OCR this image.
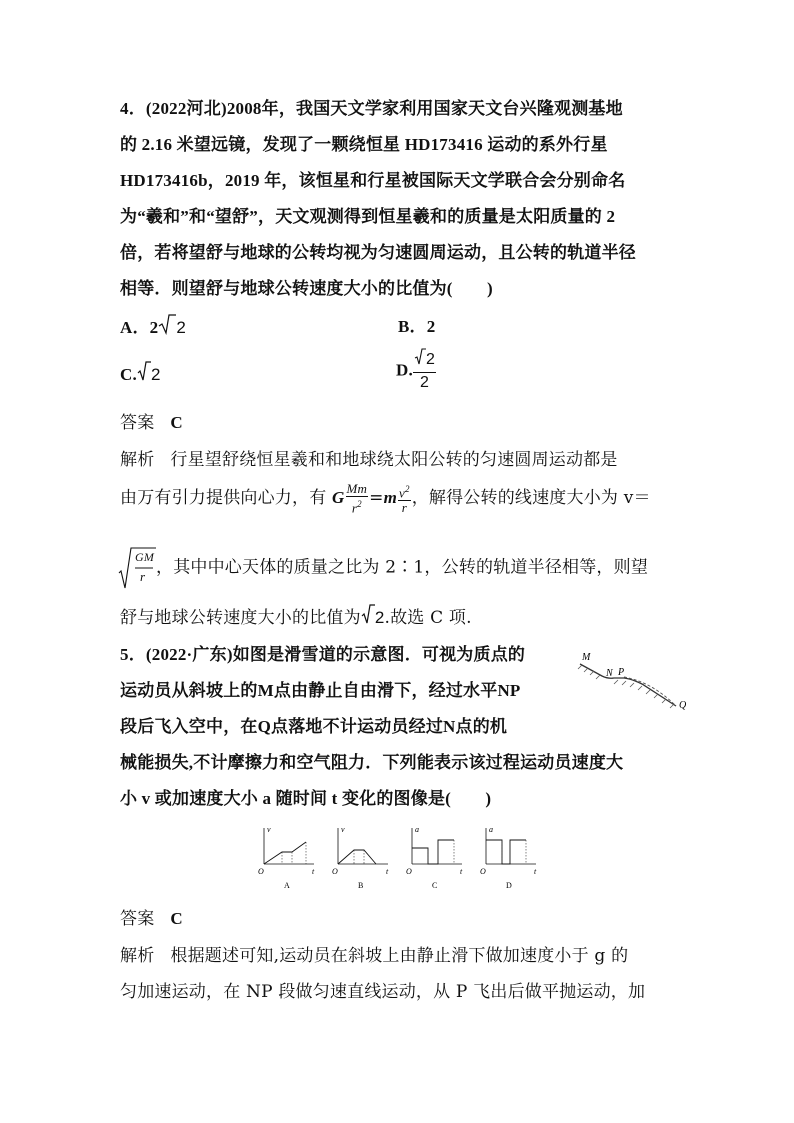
4．(2022河北)2008年，我国天文学家利用国家天文台兴隆观测基地
的 2.16 米望远镜，发现了一颗绕恒星 HD173416 运动的系外行星
HD173416b，2019 年，该恒星和行星被国际天文学联合会分别命名
为“羲和”和“望舒”，天文观测得到恒星羲和的质量是太阳质量的 2
倍，若将望舒与地球的公转均视为匀速圆周运动，且公转的轨道半径
相等．则望舒与地球公转速度大小的比值为(　　)
A．2 2	B．2
C. 2	D. $\frac{2}{2}$
答案 C
解析 行星望舒绕恒星羲和和地球绕太阳公转的匀速圆周运动都是
由万有引力提供向心力，有 G $\frac{Mm}{r^2} =m \frac{v^2}{r}$ ，解得公转的线速度大小为 v＝
GM
r ，其中中心天体的质量之比为 2∶1，公转的轨道半径相等，则望
舒与地球公转速度大小的比值为 2.故选 C 项.
5．(2022·广东)如图是滑雪道的示意图．可视为质点的
运动员从斜坡上的M点由静止自由滑下，经过水平NP
段后飞入空中，在Q点落地不计运动员经过N点的机
械能损失,不计摩擦力和空气阻力．下列能表示该过程运动员速度大
小 v 或加速度大小 a 随时间 t 变化的图像是(　　)
M
N P
Q
v
t
O
A
v
t
O
B
a
t
O
C
a
t
O
D
答案 C
解析 根据题述可知,运动员在斜坡上由静止滑下做加速度小于 g 的
匀加速运动，在 NP 段做匀速直线运动，从 P 飞出后做平抛运动，加
